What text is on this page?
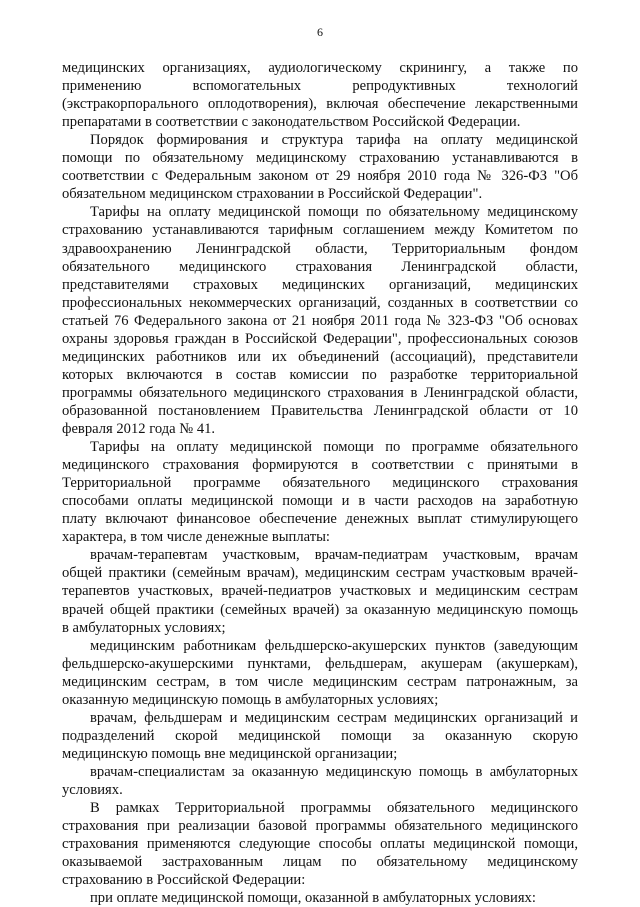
6
медицинских организациях, аудиологическому скринингу, а также по
применению вспомогательных репродуктивных технологий
(экстракорпорального оплодотворения), включая обеспечение лекарственными
препаратами в соответствии с законодательством Российской Федерации.
Порядок формирования и структура тарифа на оплату медицинской
помощи по обязательному медицинскому страхованию устанавливаются в
соответствии с Федеральным законом от 29 ноября 2010 года № 326-ФЗ "Об
обязательном медицинском страховании в Российской Федерации".
Тарифы на оплату медицинской помощи по обязательному медицинскому
страхованию устанавливаются тарифным соглашением между Комитетом по
здравоохранению Ленинградской области, Территориальным фондом
обязательного медицинского страхования Ленинградской области,
представителями страховых медицинских организаций, медицинских
профессиональных некоммерческих организаций, созданных в соответствии со
статьей 76 Федерального закона от 21 ноября 2011 года № 323-ФЗ "Об основах
охраны здоровья граждан в Российской Федерации", профессиональных союзов
медицинских работников или их объединений (ассоциаций), представители
которых включаются в состав комиссии по разработке территориальной
программы обязательного медицинского страхования в Ленинградской области,
образованной постановлением Правительства Ленинградской области от 10
февраля 2012 года № 41.
Тарифы на оплату медицинской помощи по программе обязательного
медицинского страхования формируются в соответствии с принятыми в
Территориальной программе обязательного медицинского страхования
способами оплаты медицинской помощи и в части расходов на заработную
плату включают финансовое обеспечение денежных выплат стимулирующего
характера, в том числе денежные выплаты:
врачам-терапевтам участковым, врачам-педиатрам участковым, врачам
общей практики (семейным врачам), медицинским сестрам участковым врачей-
терапевтов участковых, врачей-педиатров участковых и медицинским сестрам
врачей общей практики (семейных врачей) за оказанную медицинскую помощь
в амбулаторных условиях;
медицинским работникам фельдшерско-акушерских пунктов (заведующим
фельдшерско-акушерскими пунктами, фельдшерам, акушерам (акушеркам),
медицинским сестрам, в том числе медицинским сестрам патронажным, за
оказанную медицинскую помощь в амбулаторных условиях;
врачам, фельдшерам и медицинским сестрам медицинских организаций и
подразделений скорой медицинской помощи за оказанную скорую
медицинскую помощь вне медицинской организации;
врачам-специалистам за оказанную медицинскую помощь в амбулаторных
условиях.
В рамках Территориальной программы обязательного медицинского
страхования при реализации базовой программы обязательного медицинского
страхования применяются следующие способы оплаты медицинской помощи,
оказываемой застрахованным лицам по обязательному медицинскому
страхованию в Российской Федерации:
при оплате медицинской помощи, оказанной в амбулаторных условиях:
